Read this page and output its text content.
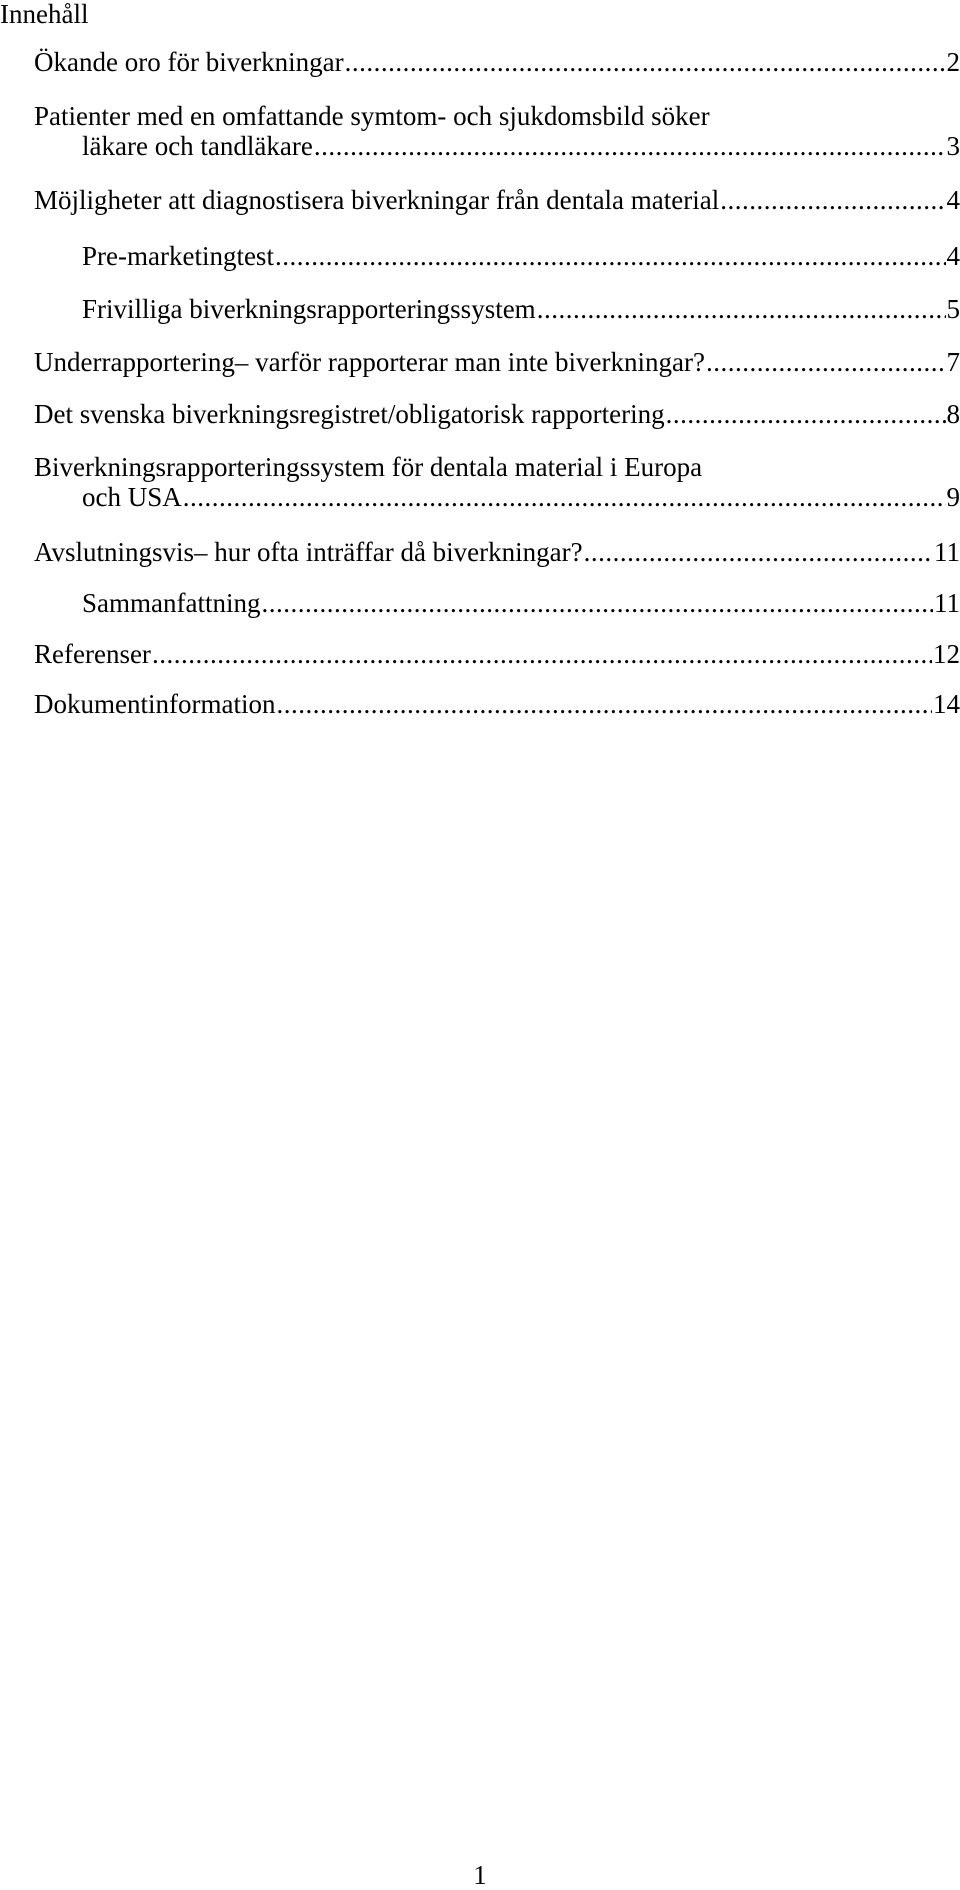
Innehåll
Ökande oro för biverkningar .....	2
Patienter med en omfattande symtom- och sjukdomsbild söker
läkare och tandläkare .....	3
Möjligheter att diagnostisera biverkningar från dentala material .....	4
Pre-marketingtest .....	4
Frivilliga biverkningsrapporteringssystem .....	5
Underrapportering– varför rapporterar man inte biverkningar? .....	7
Det svenska biverkningsregistret/obligatorisk rapportering .....	8
Biverkningsrapporteringssystem för dentala material i Europa
och USA .....	9
Avslutningsvis– hur ofta inträffar då biverkningar? .....	11
Sammanfattning .....	11
Referenser .....	12
Dokumentinformation .....	14
1
